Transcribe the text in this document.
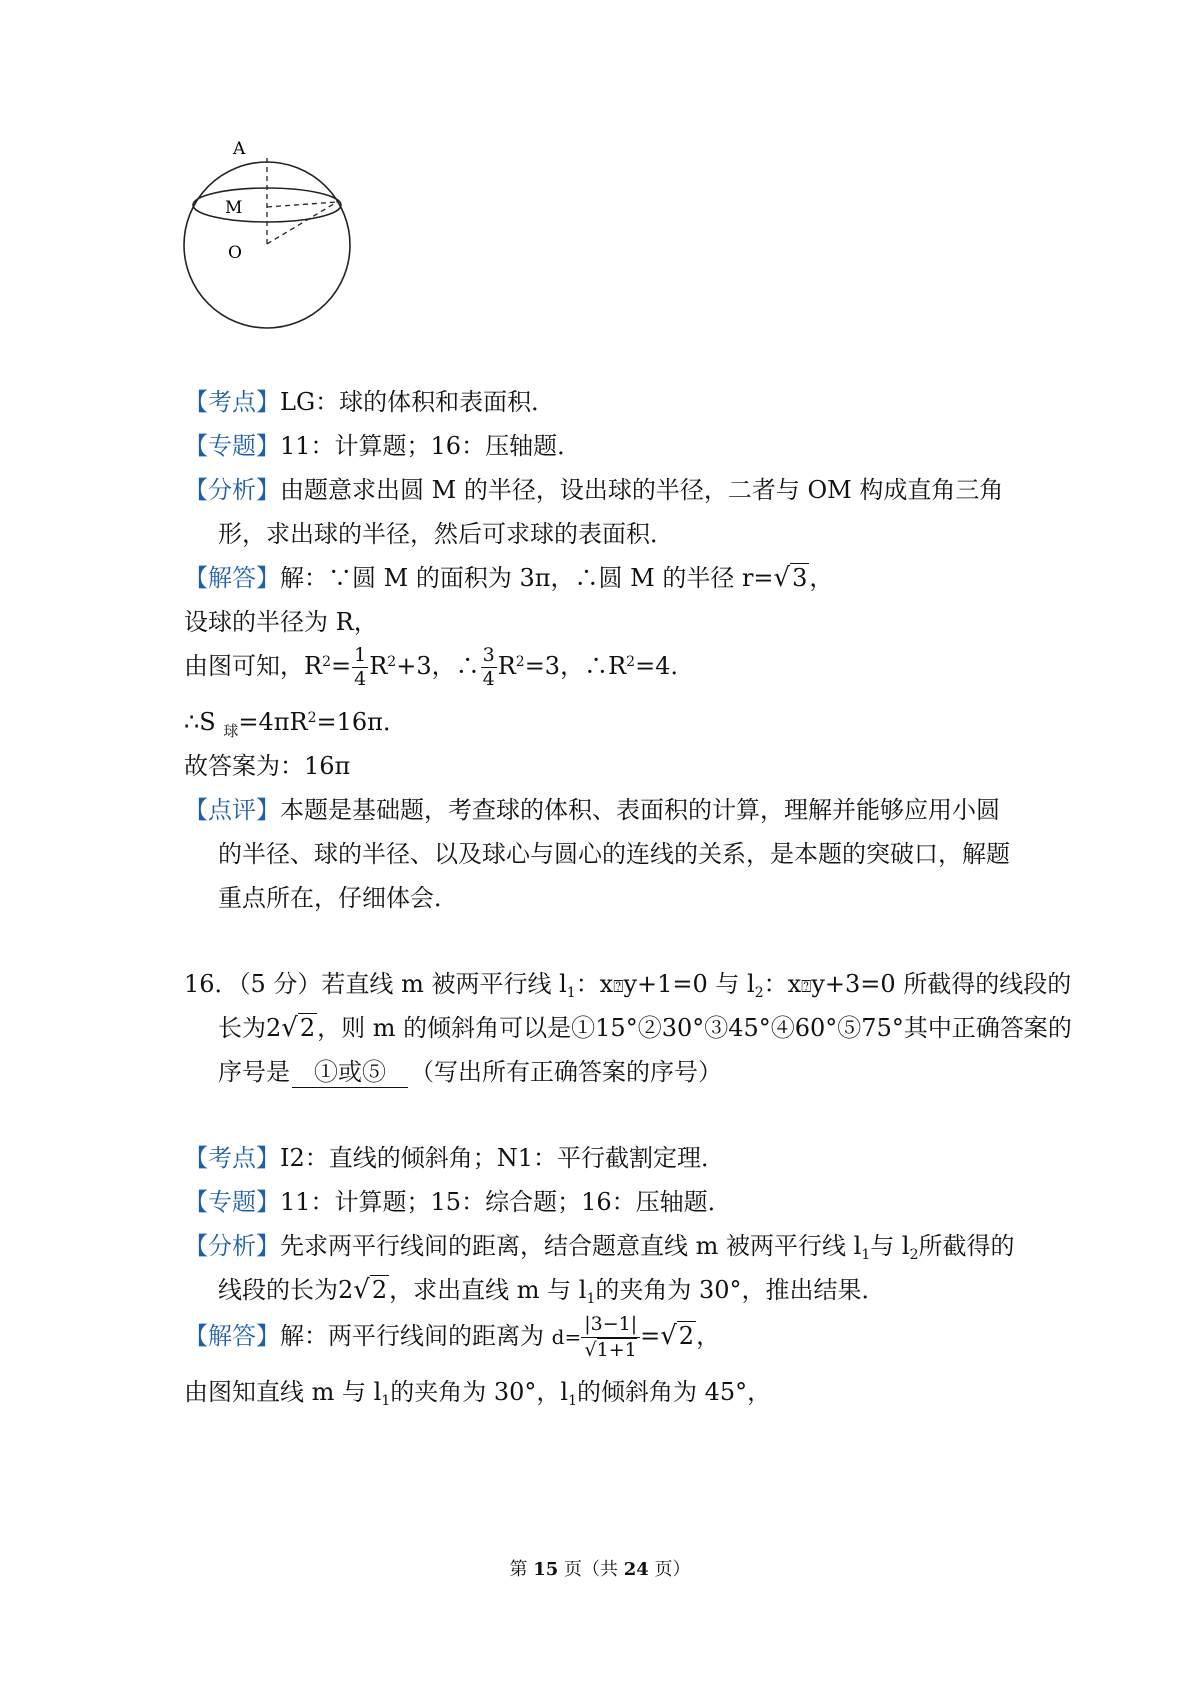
A
M
O
【考点】LG：球的体积和表面积．
【专题】11：计算题；16：压轴题．
【分析】由题意求出圆 M 的半径，设出球的半径，二者与 OM 构成直角三角
形，求出球的半径，然后可求球的表面积．
【解答】解：∵圆 M 的面积为 3π，∴圆 M 的半径 r=√3，
设球的半径为 R，
由图可知，$R^2= \frac{1}{4} R^2+3$，∴ $\frac{3}{4} R^2=3$，$\therefore R^2=4$．
∴S $_球=4\pi R^2=16\pi$．
故答案为：16π
【点评】本题是基础题，考查球的体积、表面积的计算，理解并能够应用小圆
的半径、球的半径、以及球心与圆心的连线的关系，是本题的突破口，解题
重点所在，仔细体会．
16．（5 分）若直线 m 被两平行线 $l_1$：x⍰y+1=0 与 $l_2$：x⍰y+3=0 所截得的线段的
长为2√2，则 m 的倾斜角可以是①15°②30°③45°④60°⑤75°其中正确答案的
序号是 ①或⑤ （写出所有正确答案的序号）
【考点】I2：直线的倾斜角；N1：平行截割定理．
【专题】11：计算题；15：综合题；16：压轴题．
【分析】先求两平行线间的距离，结合题意直线 m 被两平行线 $l_1$与 $l_2$所截得的
线段的长为2√2，求出直线 m 与 $l_1$的夹角为 30°，推出结果．
【解答】解：两平行线间的距离为 $d= \frac{|3-1|}{√1+1} =√2$，
由图知直线 m 与 $l_1$的夹角为 30°，$l_1$的倾斜角为 45°，
第 15 页（共 24 页）
